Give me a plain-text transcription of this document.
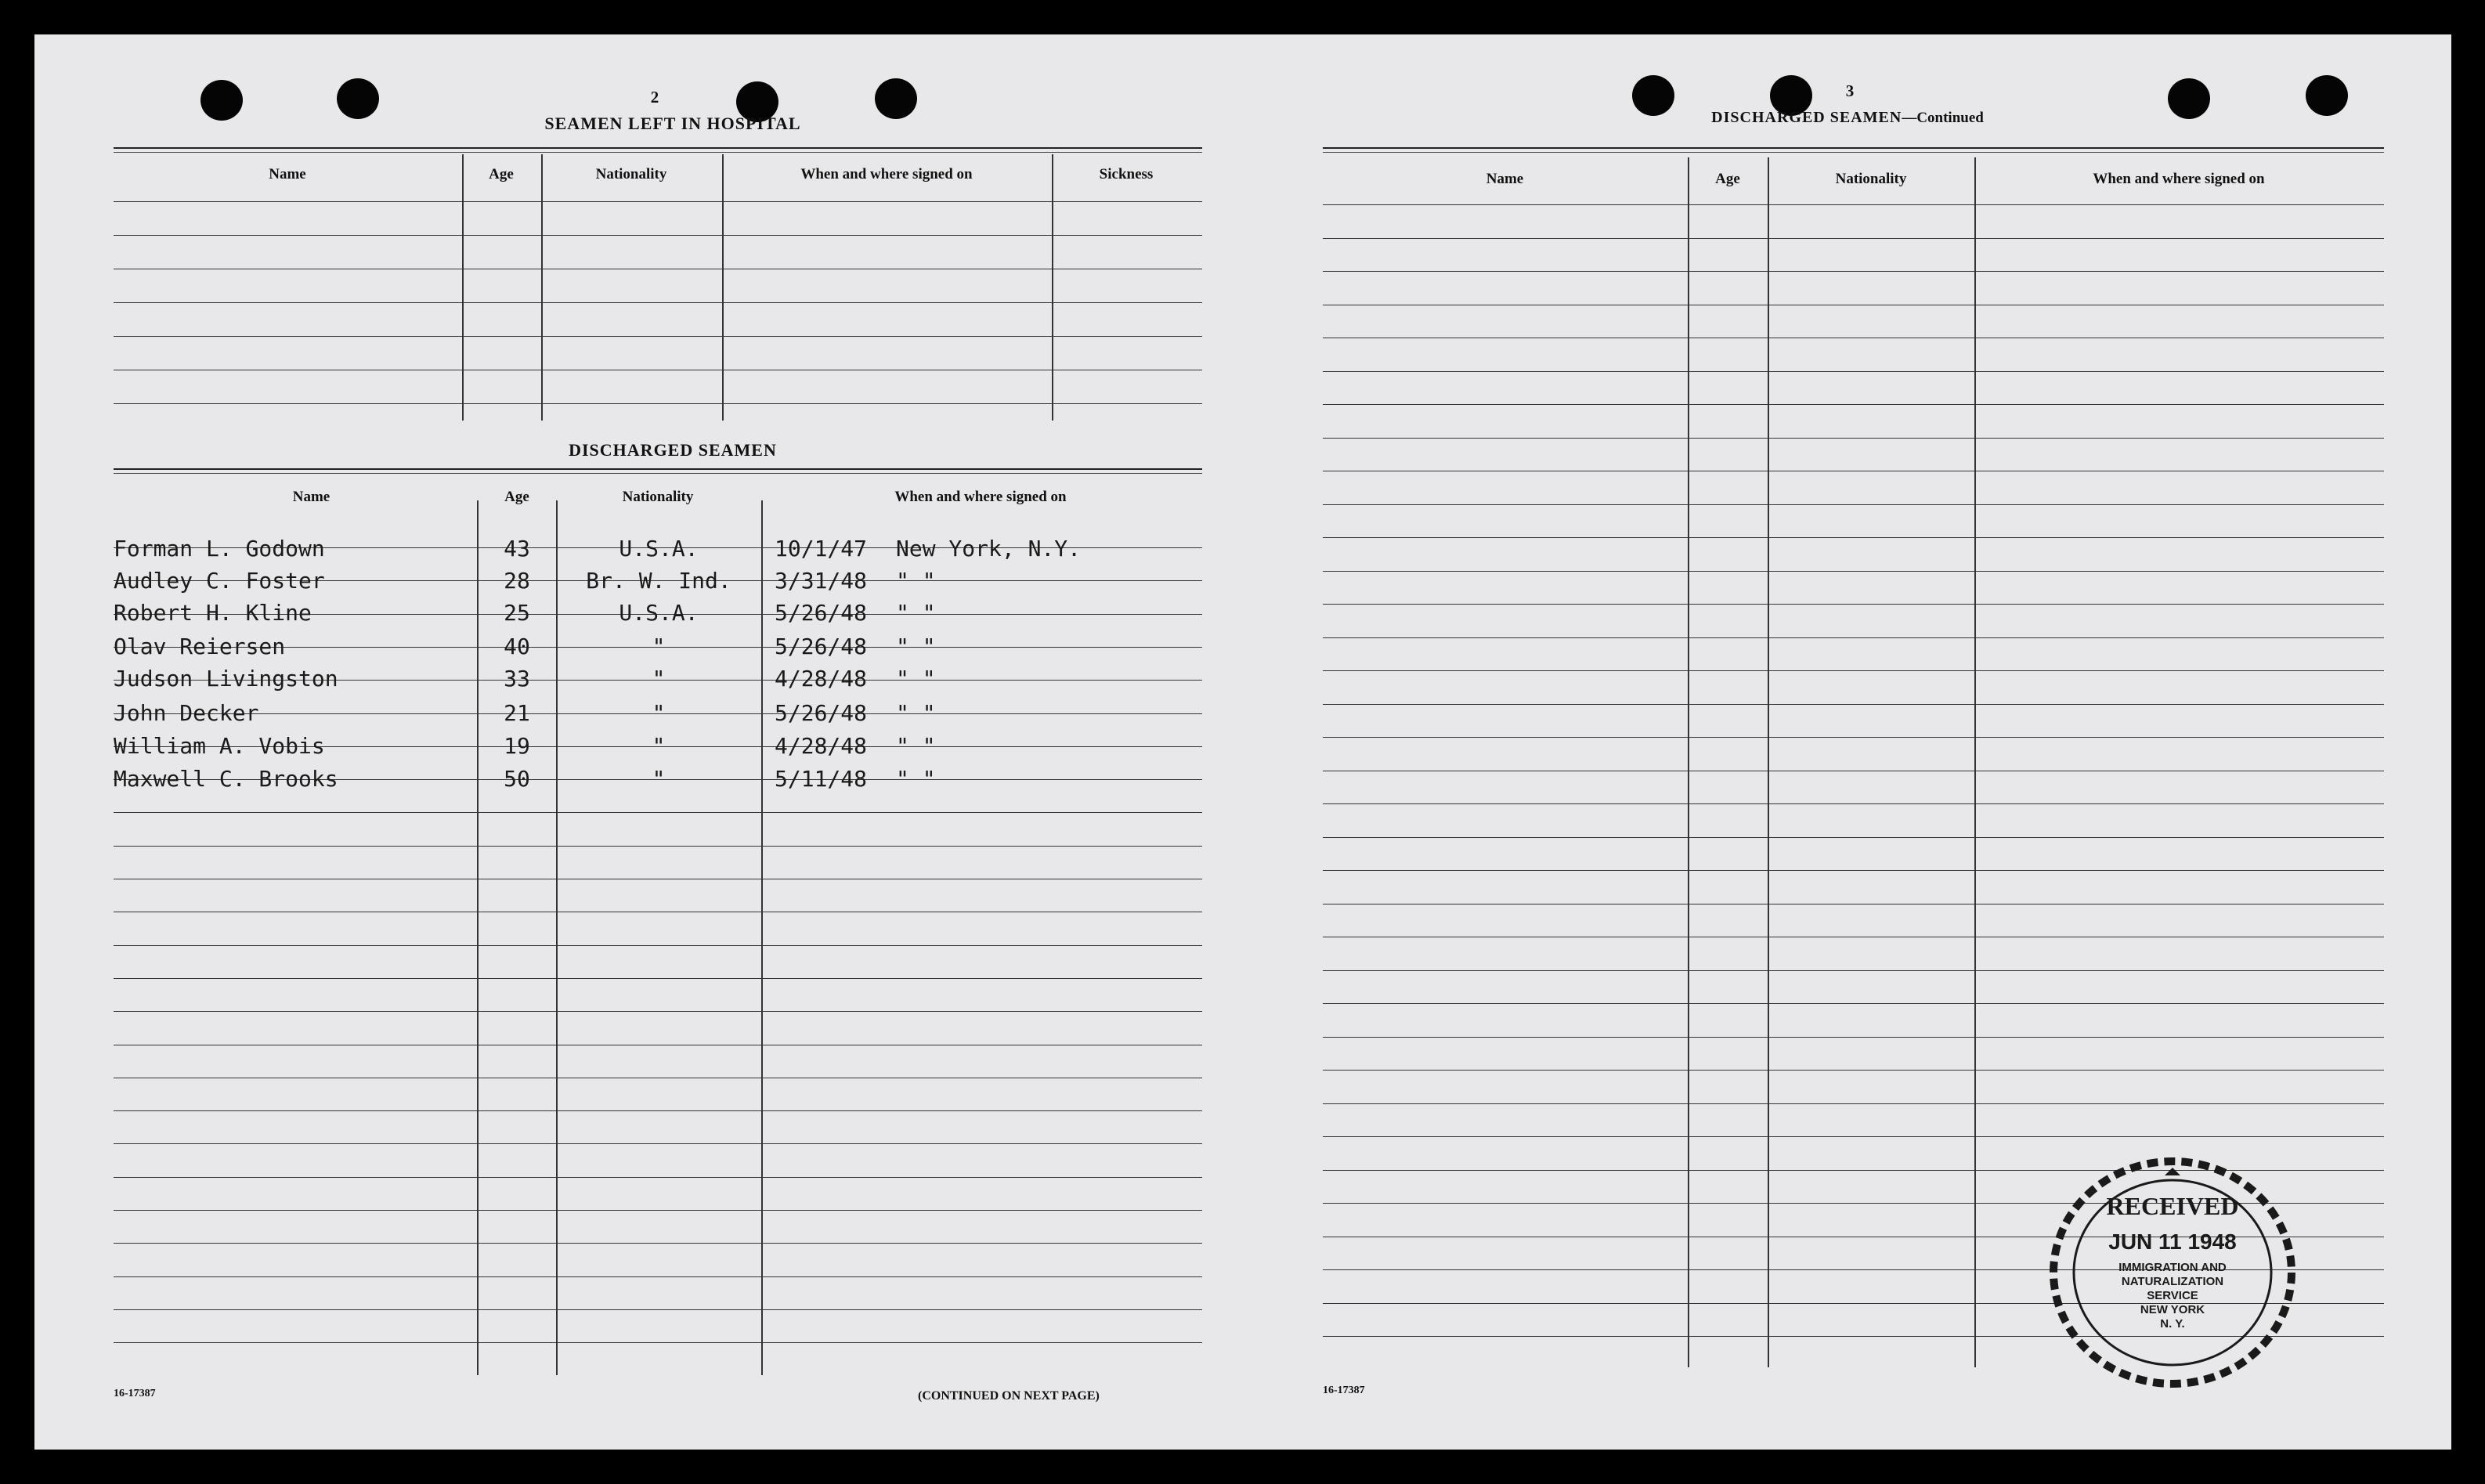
2
SEAMEN LEFT IN HOSPITAL
Name	Age	Nationality	When and where signed on	Sickness
DISCHARGED SEAMEN
Name	Age	Nationality	When and where signed on
Forman L. Godown	43	U.S.A.	10/1/47	New York, N.Y.
Audley C. Foster	28	Br. W. Ind.	3/31/48	" "
Robert H. Kline	25	U.S.A.	5/26/48	" "
Olav Reiersen	40	"	5/26/48	" "
Judson Livingston	33	"	4/28/48	" "
John Decker	21	"	5/26/48	" "
William A. Vobis	19	"	4/28/48	" "
Maxwell C. Brooks	50	"	5/11/48	" "
16-17387	(CONTINUED ON NEXT PAGE)
3
DISCHARGED SEAMEN—Continued
Name	Age	Nationality	When and where signed on
16-17387
RECEIVED
JUN 11 1948
IMMIGRATION AND
NATURALIZATION
SERVICE
NEW YORK
N. Y.
